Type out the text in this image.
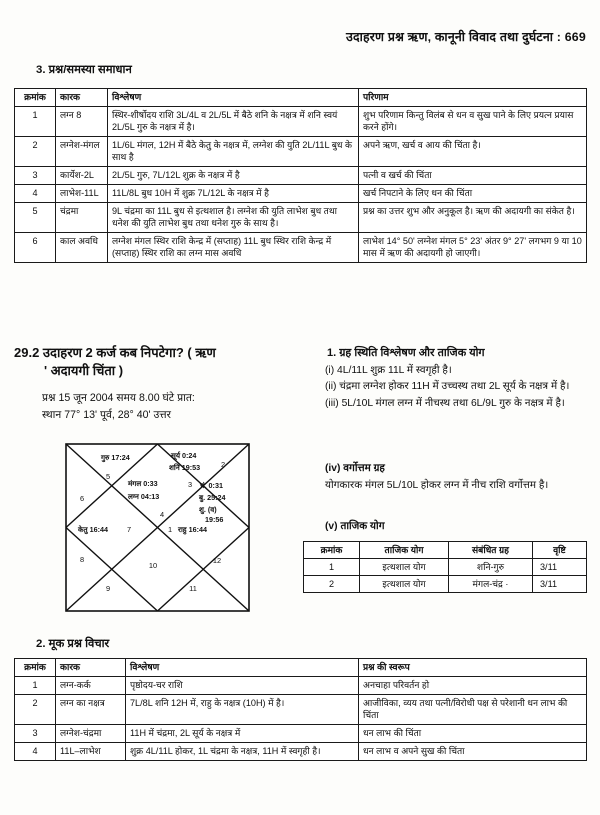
उदाहरण प्रश्न ऋण, कानूनी विवाद तथा दुर्घटना : 669
3. प्रश्न/समस्या समाधान
क्रमांक	कारक	विश्लेषण	परिणाम
1	लग्न 8	स्थिर-शीर्षोदय राशि 3L/4L व 2L/5L में बैठे शनि के नक्षत्र में शनि स्वयं 2L/5L गुरु के नक्षत्र में है।	शुभ परिणाम किन्तु विलंब से धन व सुख पाने के लिए प्रयत्न प्रयास करने होंगे।
2	लग्नेश-मंगल	1L/6L मंगल, 12H में बैठे केतु के नक्षत्र में, लग्नेश की युति 2L/11L बुध के साथ है	अपने ऋण, खर्च व आय की चिंता है।
3	कार्येश-2L	2L/5L गुरु, 7L/12L शुक्र के नक्षत्र में है	पत्नी व खर्च की चिंता
4	लाभेश-11L	11L/8L बुध 10H में शुक्र 7L/12L के नक्षत्र में है	खर्च निपटाने के लिए धन की चिंता
5	चंद्रमा	9L चंद्रमा का 11L बुध से इत्थशाल है। लग्नेश की युति लाभेश बुध तथा धनेश की युति लाभेश बुध तथा धनेश गुरु के साथ है।	प्रश्न का उत्तर शुभ और अनुकूल है। ऋण की अदायगी का संकेत है।
6	काल अवधि	लग्नेश मंगल स्थिर राशि केन्द्र में (सप्ताह) 11L बुध स्थिर राशि केन्द्र में (सप्ताह) स्थिर राशि का लग्न मास अवधि	लाभेश 14° 50' लग्नेश मंगल 5° 23' अंतर 9° 27' लगभग 9 या 10 मास में ऋण की अदायगी हो जाएगी।
29.2 उदाहरण 2 कर्ज कब निपटेगा? ( ऋण
' अदायगी चिंता )
प्रश्न 15 जून 2004 समय 8.00 घंटे प्रात:
स्थान 77° 13' पूर्व, 28° 40' उत्तर
4
5
6
7
8
9
10
11
12
1
2
3
गुरु 17:24	सूर्य 0:24
शनि 19:53
मंगल 0:33
लग्न 04:13
चं. 0:31
बु. 25:24
शु. (व)
19:56
केतु 16:44	राहु 16:44
1. ग्रह स्थिति विश्लेषण और ताजिक योग

(i) 4L/11L शुक्र 11L में स्वगृही है।

(ii) चंद्रमा लग्नेश होकर 11H में उच्चस्थ तथा 2L सूर्य के नक्षत्र में है।

(iii) 5L/10L मंगल लग्न में नीचस्थ तथा 6L/9L गुरु के नक्षत्र में है।

(iv) वर्गोत्तम ग्रह

योगकारक मंगल 5L/10L होकर लग्न में नीच राशि वर्गोत्तम है।

(v) ताजिक योग

क्रमांक	ताजिक योग	संबंधित ग्रह	वृष्टि
1	इत्थशाल योग	शनि-गुरु	3/11
2	इत्थशाल योग	मंगल-चंद्र ·	3/11
2. मूक प्रश्न विचार
क्रमांक	कारक	विश्लेषण	प्रश्न की स्वरूप
1	लग्न-कर्क	पृष्ठोदय-चर राशि	अनचाहा परिवर्तन हो
2	लग्न का नक्षत्र	7L/8L शनि 12H में, राहु के नक्षत्र (10H) में है।	आजीविका, व्यय तथा पत्नी/विरोधी पक्ष से परेशानी धन लाभ की चिंता
3	लग्नेश-चंद्रमा	11H में चंद्रमा, 2L सूर्य के नक्षत्र में	धन लाभ की चिंता
4	11L–लाभेश	शुक्र 4L/11L होकर, 1L चंद्रमा के नक्षत्र, 11H में स्वगृही है।	धन लाभ व अपने सुख की चिंता
